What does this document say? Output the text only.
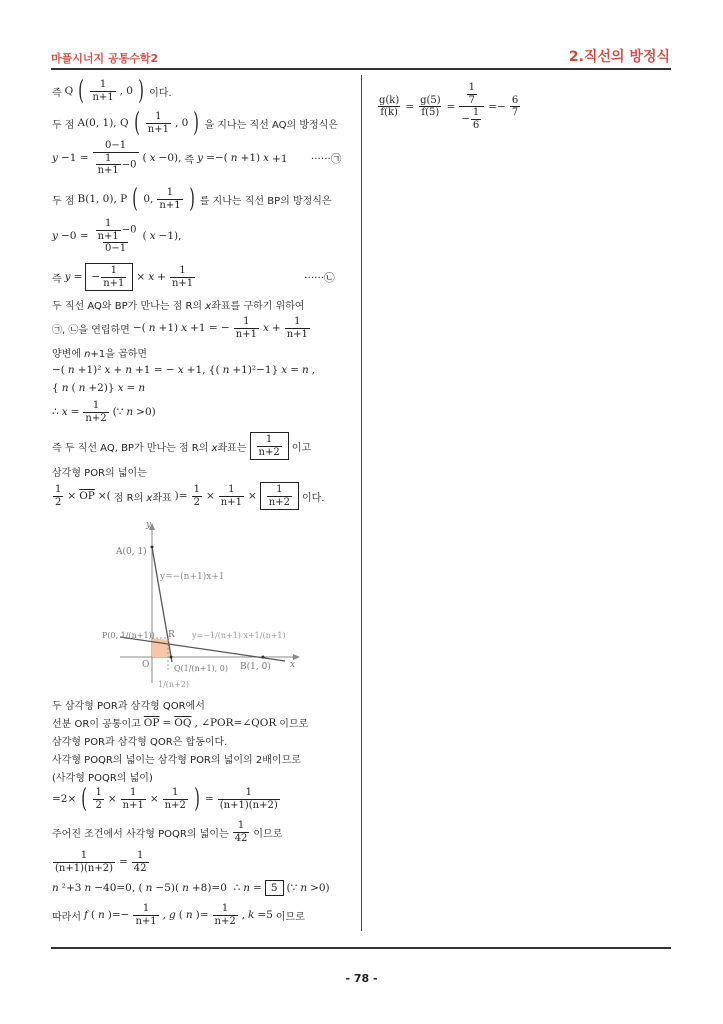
마플시너지 공통수학2	2.직선의 방정식
즉 Q ( 1
n+1 , 0 ) 이다.
두 점 A(0, 1), Q ( 1
n+1 , 0 ) 을 지나는 직선 AQ의 방정식은
y −1 =
0−1
$\frac{1}{n+1} -0$
( x −0), 즉 y =−( n +1) x +1       ······㉠
두 점 B(1, 0), P ( 0,
1
n+1 ) 를 지나는 직선 BP의 방정식은
$y -0 = \frac{1}{n+1} -0$
0−1
( x −1),
즉 y = −
1
n+1 × x +
1
n+1	······㉡
두 직선 AQ와 BP가 만나는 점 R의 x좌표를 구하기 위하여
㉠, ㉡을 연립하면 −( n +1) x +1 = −
1
n+1 x +
1
n+1
양변에 n+1을 곱하면
−( n +1)² x + n +1 = − x +1, {( n +1)²−1} x = n ,
{ n ( n +2)} x = n
∴ x =
1
n+2 (∵ n >0)
즉 두 직선 AQ, BP가 만나는 점 R의 x좌표는
1
n+2 이고
삼각형 POR의 넓이는
1
$2 \times \overline{OP}$ ×( 점 R의 x좌표 )=
1
2 ×
1
n+1 ×
1
n+2 이다.
y
x
O
A(0, 1)
y=−(n+1)x+1
R y=−1/(n+1) x+1/(n+1)
P(0, 1/(n+1))
Q(1/(n+1), 0) B(1, 0)
1/(n+2)
두 삼각형 POR과 삼각형 QOR에서
선분 OR이 공통이고 $\overline{OP} = \overline{OQ}$ , ∠POR=∠QOR 이므로
삼각형 POR과 삼각형 QOR은 합동이다.
사각형 POQR의 넓이는 삼각형 POR의 넓이의 2배이므로
(사각형 POQR의 넓이)
=2× ( 1
2 ×
1
n+1 ×
1
n+2 ) =
1
(n+1)(n+2)
주어진 조건에서 사각형 POQR의 넓이는
1
42 이므로
1
(n+1)(n+2) =
1
42
n ²+3 n −40=0, ( n −5)( n +8)=0  ∴ n = 5 (∵ n >0)
따라서 f ( n )=−
1
n+1 , g ( n )=
1
n+2 , k =5 이므로
g(k)
f(k) =
g(5)
f(5) =
$\frac{1}{7}$
− $\frac{1}{6}$
=−
6
7
- 78 -
